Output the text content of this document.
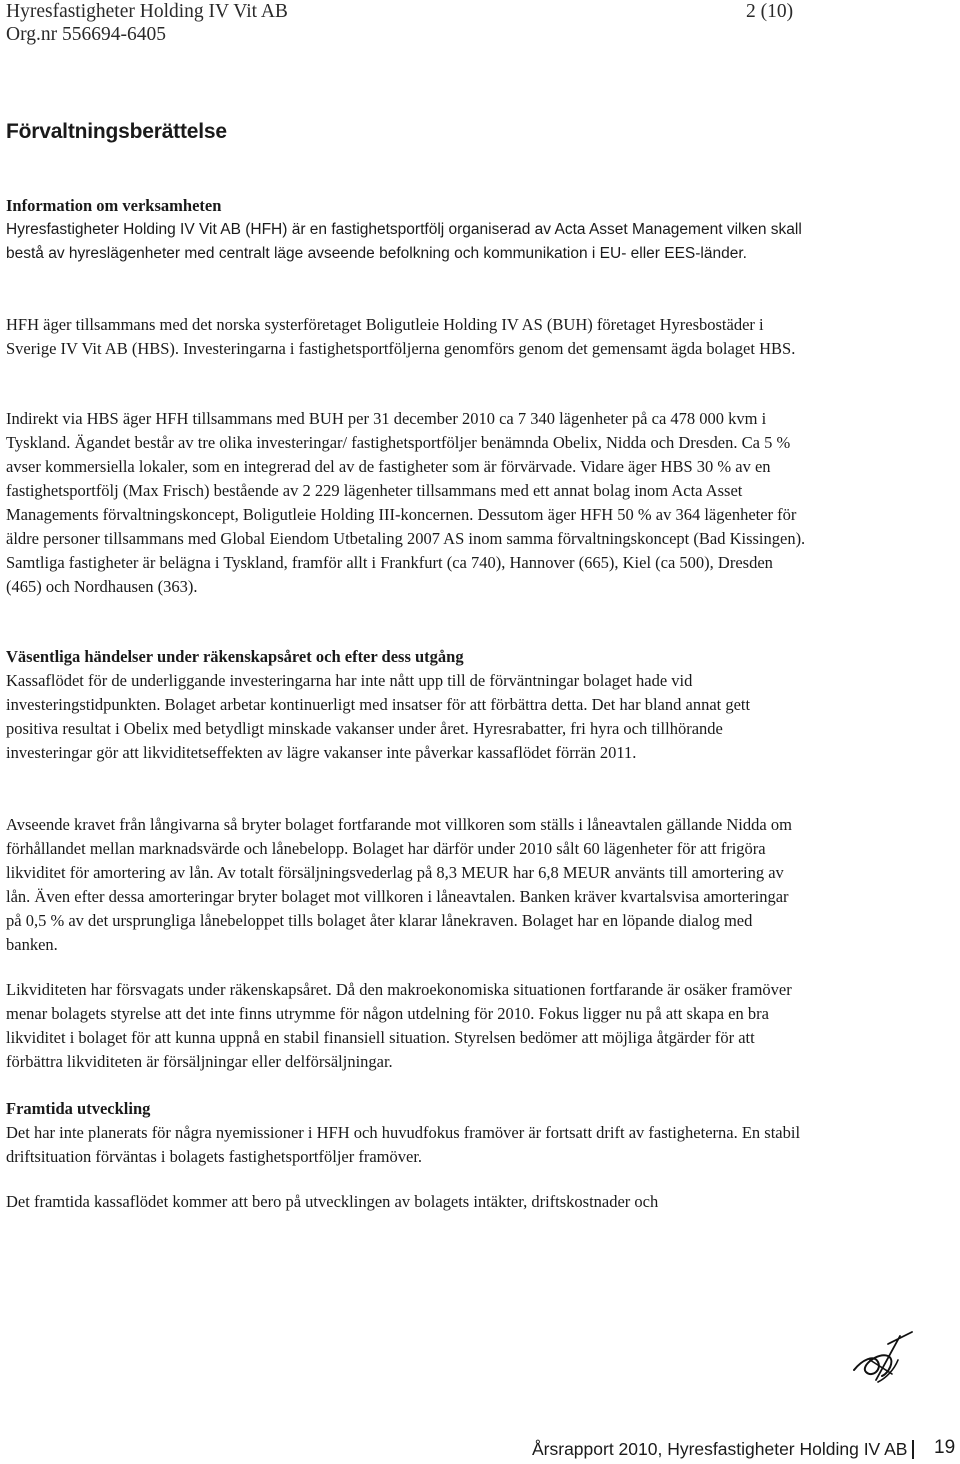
Hyresfastigheter Holding IV Vit AB
Org.nr 556694-6405
2 (10)
Förvaltningsberättelse

Information om verksamheten

Hyresfastigheter Holding IV Vit AB (HFH) är en fastighetsportfölj organiserad av Acta Asset Management vilken skall bestå av hyreslägenheter med centralt läge avseende befolkning och kommunikation i EU- eller EES-länder.

HFH äger tillsammans med det norska systerföretaget Boligutleie Holding IV AS (BUH) företaget Hyresbostäder i Sverige IV Vit AB (HBS). Investeringarna i fastighetsportföljerna genomförs genom det gemensamt ägda bolaget HBS.

Indirekt via HBS äger HFH tillsammans med BUH per 31 december 2010 ca 7 340 lägenheter på ca 478 000 kvm i Tyskland. Ägandet består av tre olika investeringar/ fastighetsportföljer benämnda Obelix, Nidda och Dresden. Ca 5 % avser kommersiella lokaler, som en integrerad del av de fastigheter som är förvärvade. Vidare äger HBS 30 % av en fastighetsportfölj (Max Frisch) bestående av 2 229 lägenheter tillsammans med ett annat bolag inom Acta Asset Managements förvaltningskoncept, Boligutleie Holding III-koncernen. Dessutom äger HFH 50 % av 364 lägenheter för äldre personer tillsammans med Global Eiendom Utbetaling 2007 AS inom samma förvaltningskoncept (Bad Kissingen). Samtliga fastigheter är belägna i Tyskland, framför allt i Frankfurt (ca 740), Hannover (665), Kiel (ca 500), Dresden (465) och Nordhausen (363).

Väsentliga händelser under räkenskapsåret och efter dess utgång

Kassaflödet för de underliggande investeringarna har inte nått upp till de förväntningar bolaget hade vid investeringstidpunkten. Bolaget arbetar kontinuerligt med insatser för att förbättra detta. Det har bland annat gett positiva resultat i Obelix med betydligt minskade vakanser under året. Hyresrabatter, fri hyra och tillhörande investeringar gör att likviditetseffekten av lägre vakanser inte påverkar kassaflödet förrän 2011.

Avseende kravet från långivarna så bryter bolaget fortfarande mot villkoren som ställs i låneavtalen gällande Nidda om förhållandet mellan marknadsvärde och lånebelopp. Bolaget har därför under 2010 sålt 60 lägenheter för att frigöra likviditet för amortering av lån. Av totalt försäljningsvederlag på 8,3 MEUR har 6,8 MEUR använts till amortering av lån. Även efter dessa amorteringar bryter bolaget mot villkoren i låneavtalen. Banken kräver kvartalsvisa amorteringar på 0,5 % av det ursprungliga lånebeloppet tills bolaget åter klarar lånekraven. Bolaget har en löpande dialog med banken.

Likviditeten har försvagats under räkenskapsåret. Då den makroekonomiska situationen fortfarande är osäker framöver menar bolagets styrelse att det inte finns utrymme för någon utdelning för 2010. Fokus ligger nu på att skapa en bra likviditet i bolaget för att kunna uppnå en stabil finansiell situation. Styrelsen bedömer att möjliga åtgärder för att förbättra likviditeten är försäljningar eller delförsäljningar.

Framtida utveckling

Det har inte planerats för några nyemissioner i HFH och huvudfokus framöver är fortsatt drift av fastigheterna. En stabil driftsituation förväntas i bolagets fastighetsportföljer framöver.

Det framtida kassaflödet kommer att bero på utvecklingen av bolagets intäkter, driftskostnader och

Årsrapport 2010, Hyresfastigheter Holding IV AB 19
